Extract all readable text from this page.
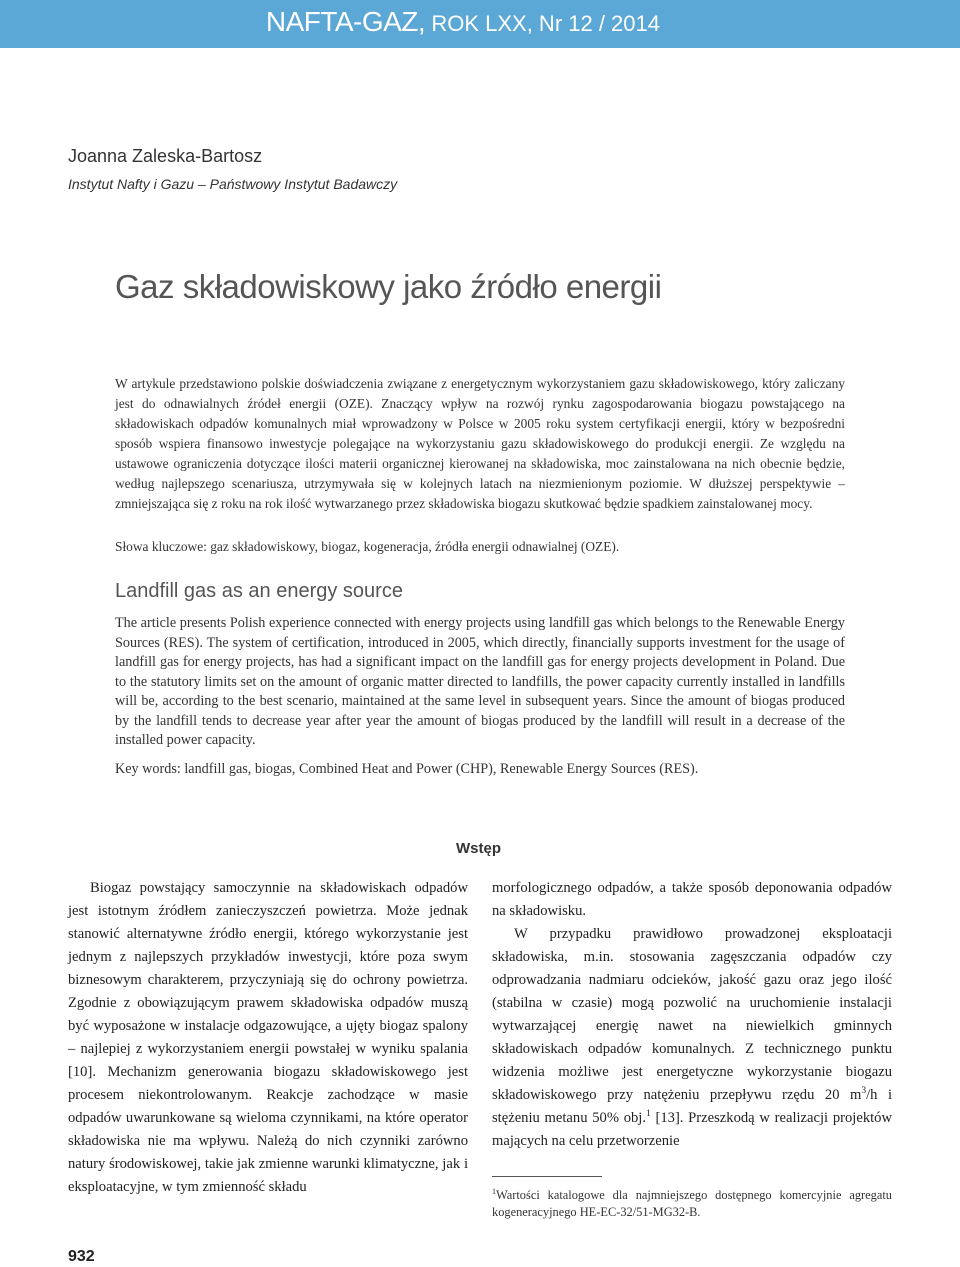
NAFTA-GAZ, ROK LXX, Nr 12 / 2014
Joanna Zaleska-Bartosz
Instytut Nafty i Gazu – Państwowy Instytut Badawczy
Gaz składowiskowy jako źródło energii
W artykule przedstawiono polskie doświadczenia związane z energetycznym wykorzystaniem gazu składowiskowego, który zaliczany jest do odnawialnych źródeł energii (OZE). Znaczący wpływ na rozwój rynku zagospodarowania biogazu powstającego na składowiskach odpadów komunalnych miał wprowadzony w Polsce w 2005 roku system certyfikacji energii, który w bezpośredni sposób wspiera finansowo inwestycje polegające na wykorzystaniu gazu składowiskowego do produkcji energii. Ze względu na ustawowe ograniczenia dotyczące ilości materii organicznej kierowanej na składowiska, moc zainstalowana na nich obecnie będzie, według najlepszego scenariusza, utrzymywała się w kolejnych latach na niezmienionym poziomie. W dłuższej perspektywie – zmniejszająca się z roku na rok ilość wytwarzanego przez składowiska biogazu skutkować będzie spadkiem zainstalowanej mocy.
Słowa kluczowe: gaz składowiskowy, biogaz, kogeneracja, źródła energii odnawialnej (OZE).
Landfill gas as an energy source
The article presents Polish experience connected with energy projects using landfill gas which belongs to the Renewable Energy Sources (RES). The system of certification, introduced in 2005, which directly, financially supports investment for the usage of landfill gas for energy projects, has had a significant impact on the landfill gas for energy projects development in Poland. Due to the statutory limits set on the amount of organic matter directed to landfills, the power capacity currently installed in landfills will be, according to the best scenario, maintained at the same level in subsequent years. Since the amount of biogas produced by the landfill tends to decrease year after year the amount of biogas produced by the landfill will result in a decrease of the installed power capacity.
Key words: landfill gas, biogas, Combined Heat and Power (CHP), Renewable Energy Sources (RES).
Wstęp

Biogaz powstający samoczynnie na składowiskach odpadów jest istotnym źródłem zanieczyszczeń powietrza. Może jednak stanowić alternatywne źródło energii, którego wykorzystanie jest jednym z najlepszych przykładów inwestycji, które poza swym biznesowym charakterem, przyczyniają się do ochrony powietrza. Zgodnie z obowiązującym prawem składowiska odpadów muszą być wyposażone w instalacje odgazowujące, a ujęty biogaz spalony – najlepiej z wykorzystaniem energii powstałej w wyniku spalania [10]. Mechanizm generowania biogazu składowiskowego jest procesem niekontrolowanym. Reakcje zachodzące w masie odpadów uwarunkowane są wieloma czynnikami, na które operator składowiska nie ma wpływu. Należą do nich czynniki zarówno natury środowiskowej, takie jak zmienne warunki klimatyczne, jak i eksploatacyjne, w tym zmienność składu

morfologicznego odpadów, a także sposób deponowania odpadów na składowisku.

W przypadku prawidłowo prowadzonej eksploatacji składowiska, m.in. stosowania zagęszczania odpadów czy odprowadzania nadmiaru odcieków, jakość gazu oraz jego ilość (stabilna w czasie) mogą pozwolić na uruchomienie instalacji wytwarzającej energię nawet na niewielkich gminnych składowiskach odpadów komunalnych. Z technicznego punktu widzenia możliwe jest energetyczne wykorzystanie biogazu składowiskowego przy natężeniu przepływu rzędu 20 $m^3/h$ i stężeniu metanu 50% obj.$^1$ [13]. Przeszkodą w realizacji projektów mających na celu przetworzenie

$^1$Wartości katalogowe dla najmniejszego dostępnego komercyjnie agregatu kogeneracyjnego HE-EC-32/51-MG32-B.
932
